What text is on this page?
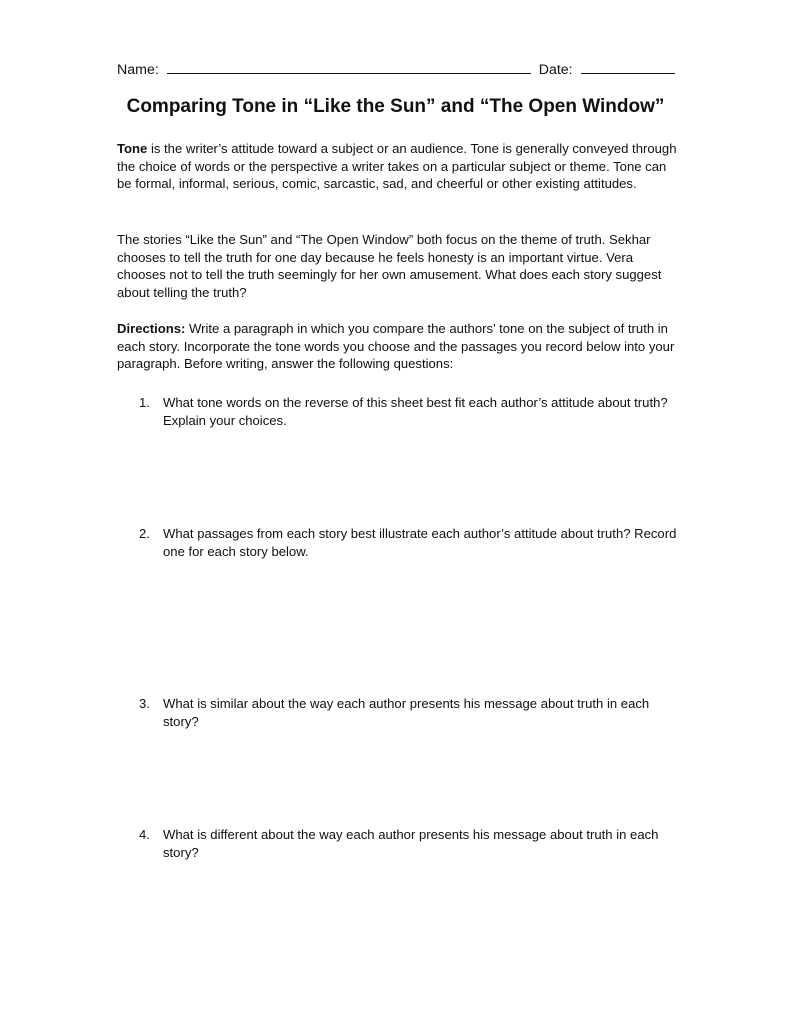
Name:	Date:
Comparing Tone in “Like the Sun” and “The Open Window”

Tone is the writer’s attitude toward a subject or an audience. Tone is generally conveyed through the choice of words or the perspective a writer takes on a particular subject or theme. Tone can be formal, informal, serious, comic, sarcastic, sad, and cheerful or other existing attitudes.

The stories “Like the Sun” and “The Open Window” both focus on the theme of truth. Sekhar chooses to tell the truth for one day because he feels honesty is an important virtue. Vera chooses not to tell the truth seemingly for her own amusement. What does each story suggest about telling the truth?

Directions: Write a paragraph in which you compare the authors’ tone on the subject of truth in each story. Incorporate the tone words you choose and the passages you record below into your paragraph. Before writing, answer the following questions:

1. What tone words on the reverse of this sheet best fit each author’s attitude about truth? Explain your choices.
2. What passages from each story best illustrate each author’s attitude about truth? Record one for each story below.
3. What is similar about the way each author presents his message about truth in each story?
4. What is different about the way each author presents his message about truth in each story?
